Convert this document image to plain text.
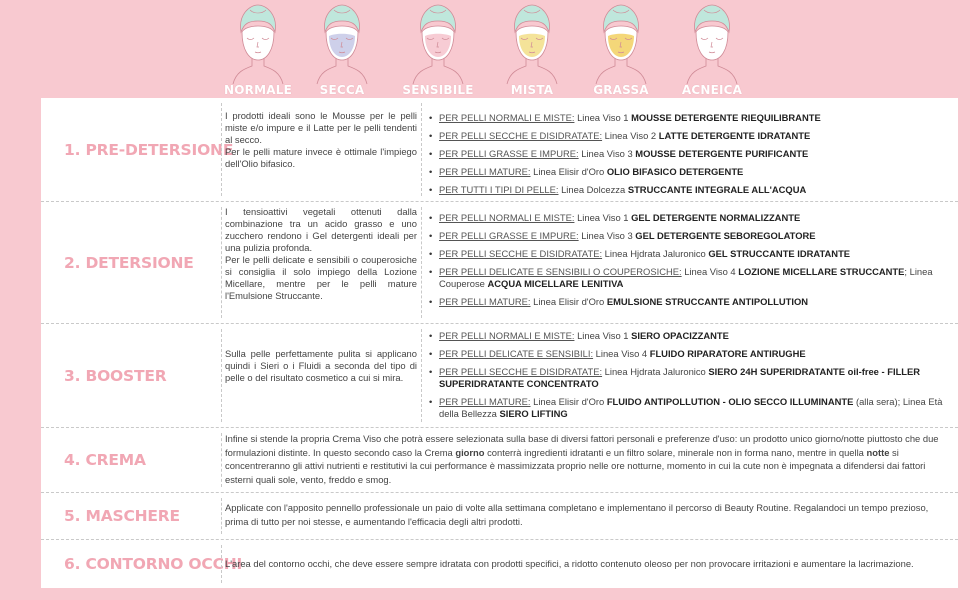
NORMALE	SECCA	SENSIBILE	MISTA	GRASSA	ACNEICA
1. PRE-DETERSIONE

I prodotti ideali sono le Mousse per le pelli miste e/o impure e il Latte per le pelli tendenti al secco.

Per le pelli mature invece è ottimale l'impiego dell'Olio bifasico.

• PER PELLI NORMALI E MISTE: Linea Viso 1 MOUSSE DETERGENTE RIEQUILIBRANTE
• PER PELLI SECCHE E DISIDRATATE: Linea Viso 2 LATTE DETERGENTE IDRATANTE
• PER PELLI GRASSE E IMPURE: Linea Viso 3 MOUSSE DETERGENTE PURIFICANTE
• PER PELLI MATURE: Linea Elisir d'Oro OLIO BIFASICO DETERGENTE
• PER TUTTI I TIPI DI PELLE: Linea Dolcezza STRUCCANTE INTEGRALE ALL'ACQUA
2. DETERSIONE

I tensioattivi vegetali ottenuti dalla combinazione tra un acido grasso e uno zucchero rendono i Gel detergenti ideali per una pulizia profonda.

Per le pelli delicate e sensibili o couperosiche si consiglia il solo impiego della Lozione Micellare, mentre per le pelli mature l'Emulsione Struccante.

• PER PELLI NORMALI E MISTE: Linea Viso 1 GEL DETERGENTE NORMALIZZANTE
• PER PELLI GRASSE E IMPURE: Linea Viso 3 GEL DETERGENTE SEBOREGOLATORE
• PER PELLI SECCHE E DISIDRATATE: Linea Hjdrata Jaluronico GEL STRUCCANTE IDRATANTE
• PER PELLI DELICATE E SENSIBILI O COUPEROSICHE: Linea Viso 4 LOZIONE MICELLARE STRUCCANTE; Linea Couperose ACQUA MICELLARE LENITIVA
• PER PELLI MATURE: Linea Elisir d'Oro EMULSIONE STRUCCANTE ANTIPOLLUTION
3. BOOSTER

Sulla pelle perfettamente pulita si applicano quindi i Sieri o i Fluidi a seconda del tipo di pelle o del risultato cosmetico a cui si mira.

• PER PELLI NORMALI E MISTE: Linea Viso 1 SIERO OPACIZZANTE
• PER PELLI DELICATE E SENSIBILI: Linea Viso 4 FLUIDO RIPARATORE ANTIRUGHE
• PER PELLI SECCHE E DISIDRATATE: Linea Hjdrata Jaluronico SIERO 24H SUPERIDRATANTE oil-free - FILLER SUPERIDRATANTE CONCENTRATO
• PER PELLI MATURE: Linea Elisir d'Oro FLUIDO ANTIPOLLUTION - OLIO SECCO ILLUMINANTE (alla sera); Linea Età della Bellezza SIERO LIFTING
4. CREMA
Infine si stende la propria Crema Viso che potrà essere selezionata sulla base di diversi fattori personali e preferenze d'uso: un prodotto unico giorno/notte piuttosto che due formulazioni distinte. In questo secondo caso la Crema giorno conterrà ingredienti idratanti e un filtro solare, minerale non in forma nano, mentre in quella notte si concentreranno gli attivi nutrienti e restitutivi la cui performance è massimizzata proprio nelle ore notturne, momento in cui la cute non è impegnata a difendersi dai fattori esterni quali sole, vento, freddo e smog.
5. MASCHERE	Applicate con l'apposito pennello professionale un paio di volte alla settimana completano e implementano il percorso di Beauty Routine. Regalandoci un tempo prezioso, prima di tutto per noi stesse, e aumentando l'efficacia degli altri prodotti.
6. CONTORNO OCCHI
L'area del contorno occhi, che deve essere sempre idratata con prodotti specifici, a ridotto contenuto oleoso per non provocare irritazioni e aumentare la lacrimazione.
